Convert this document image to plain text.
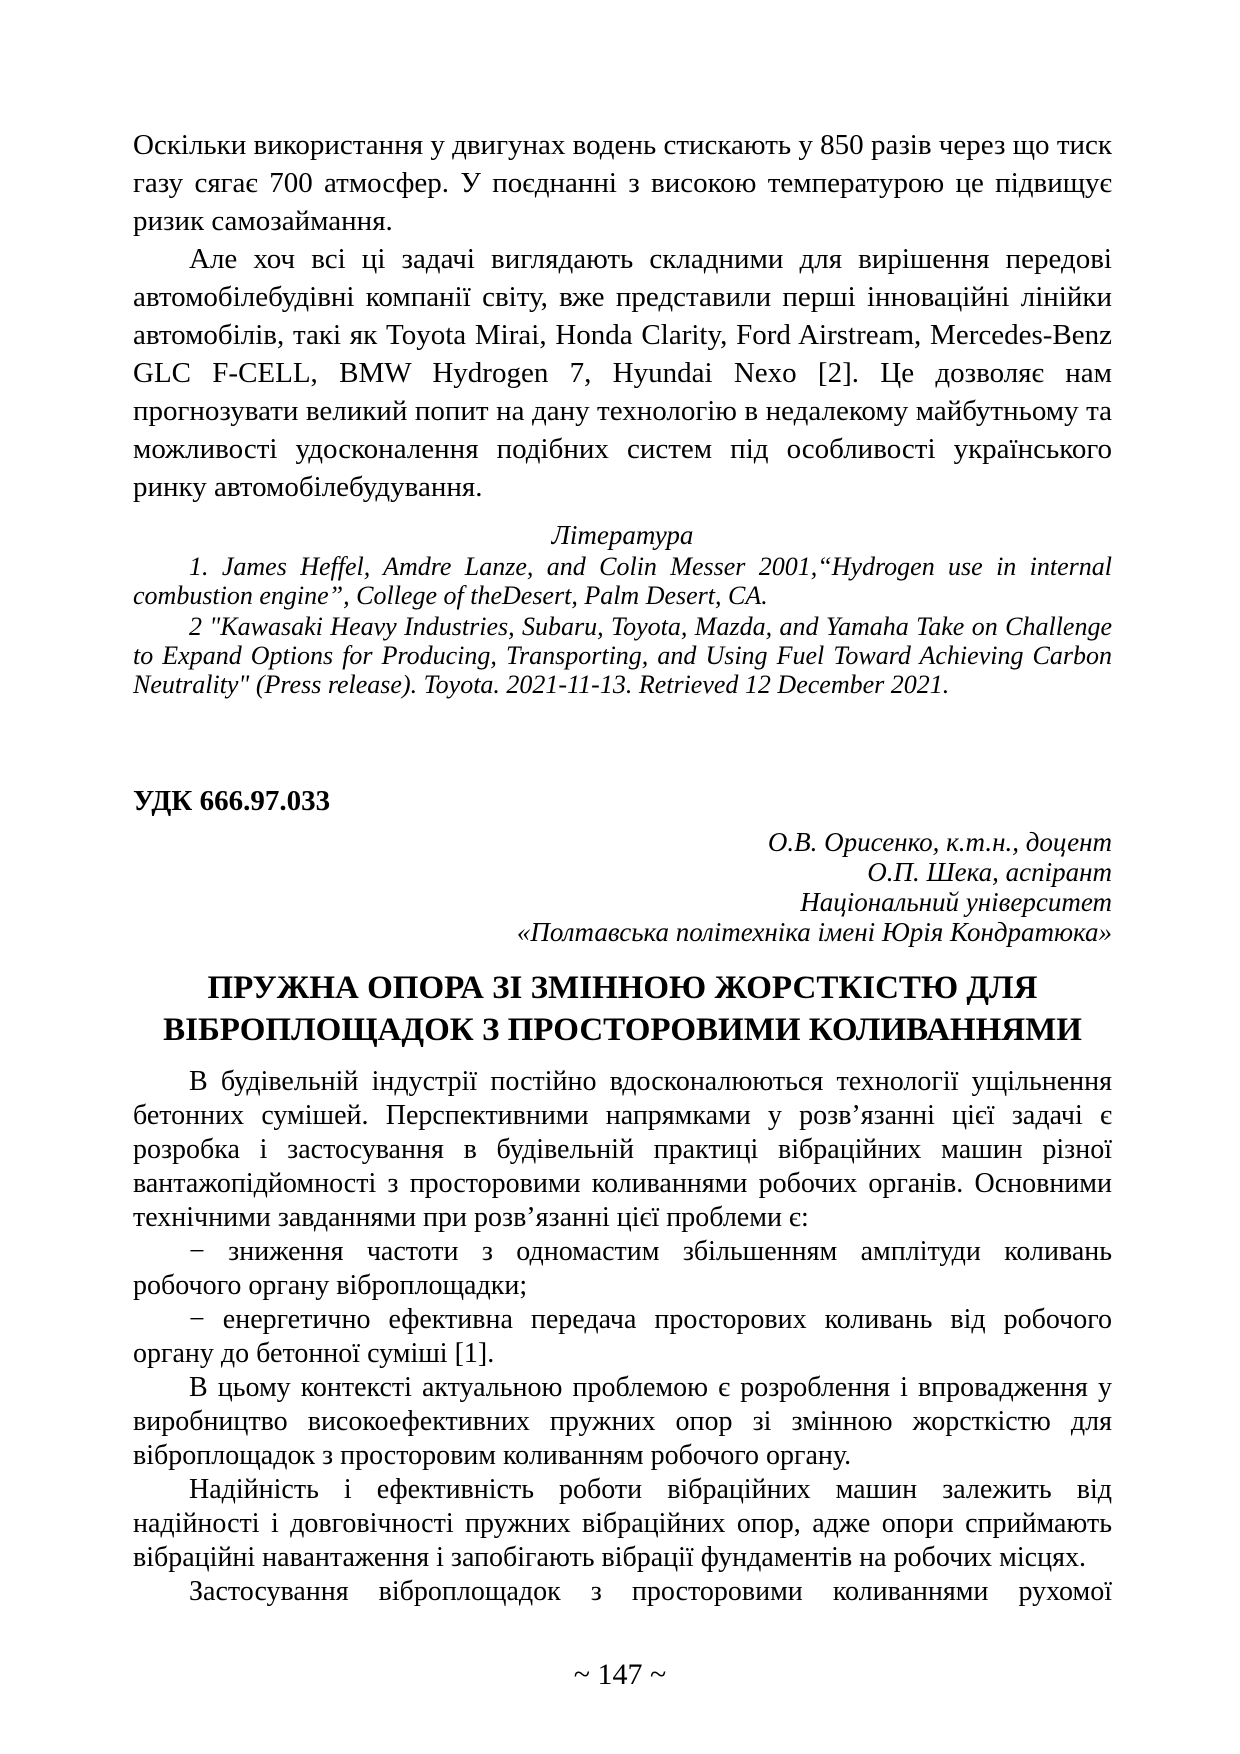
Оскільки використання у двигунах водень стискають у 850 разів через що тиск газу сягає 700 атмосфер. У поєднанні з високою температурою це підвищує ризик самозаймання.

Але хоч всі ці задачі виглядають складними для вирішення передові автомобілебудівні компанії світу, вже представили перші інноваційні лінійки автомобілів, такі як Toyota Mirai, Honda Clarity, Ford Airstream, Mercedes-Benz GLC F-CELL, BMW Hydrogen 7, Hyundai Nexo [2]. Це дозволяє нам прогнозувати великий попит на дану технологію в недалекому майбутньому та можливості удосконалення подібних систем під особливості українського ринку автомобілебудування.

Література

1. James Heffel, Amdre Lanze, and Colin Messer 2001,“Hydrogen use in internal combustion engine”, College of theDesert, Palm Desert, CA.

2 "Kawasaki Heavy Industries, Subaru, Toyota, Mazda, and Yamaha Take on Challenge to Expand Options for Producing, Transporting, and Using Fuel Toward Achieving Carbon Neutrality" (Press release). Toyota. 2021-11-13. Retrieved 12 December 2021.

УДК 666.97.033
О.В. Орисенко, к.т.н., доцент
О.П. Шека, аспірант
Національний університет
«Полтавська політехніка імені Юрія Кондратюка»
ПРУЖНА ОПОРА ЗІ ЗМІННОЮ ЖОРСТКІСТЮ ДЛЯ ВІБРОПЛОЩАДОК З ПРОСТОРОВИМИ КОЛИВАННЯМИ

В будівельній індустрії постійно вдосконалюються технології ущільнення бетонних сумішей. Перспективними напрямками у розв’язанні цієї задачі є розробка і застосування в будівельній практиці вібраційних машин різної вантажопідйомності з просторовими коливаннями робочих органів. Основними технічними завданнями при розв’язанні цієї проблеми є:

− зниження частоти з одномастим збільшенням амплітуди коливань робочого органу віброплощадки;

− енергетично ефективна передача просторових коливань від робочого органу до бетонної суміші [1].

В цьому контексті актуальною проблемою є розроблення і впровадження у виробництво високоефективних пружних опор зі змінною жорсткістю для віброплощадок з просторовим коливанням робочого органу.

Надійність і ефективність роботи вібраційних машин залежить від надійності і довговічності пружних вібраційних опор, адже опори сприймають вібраційні навантаження і запобігають вібрації фундаментів на робочих місцях.

Застосування віброплощадок з просторовими коливаннями рухомої

~ 147 ~
